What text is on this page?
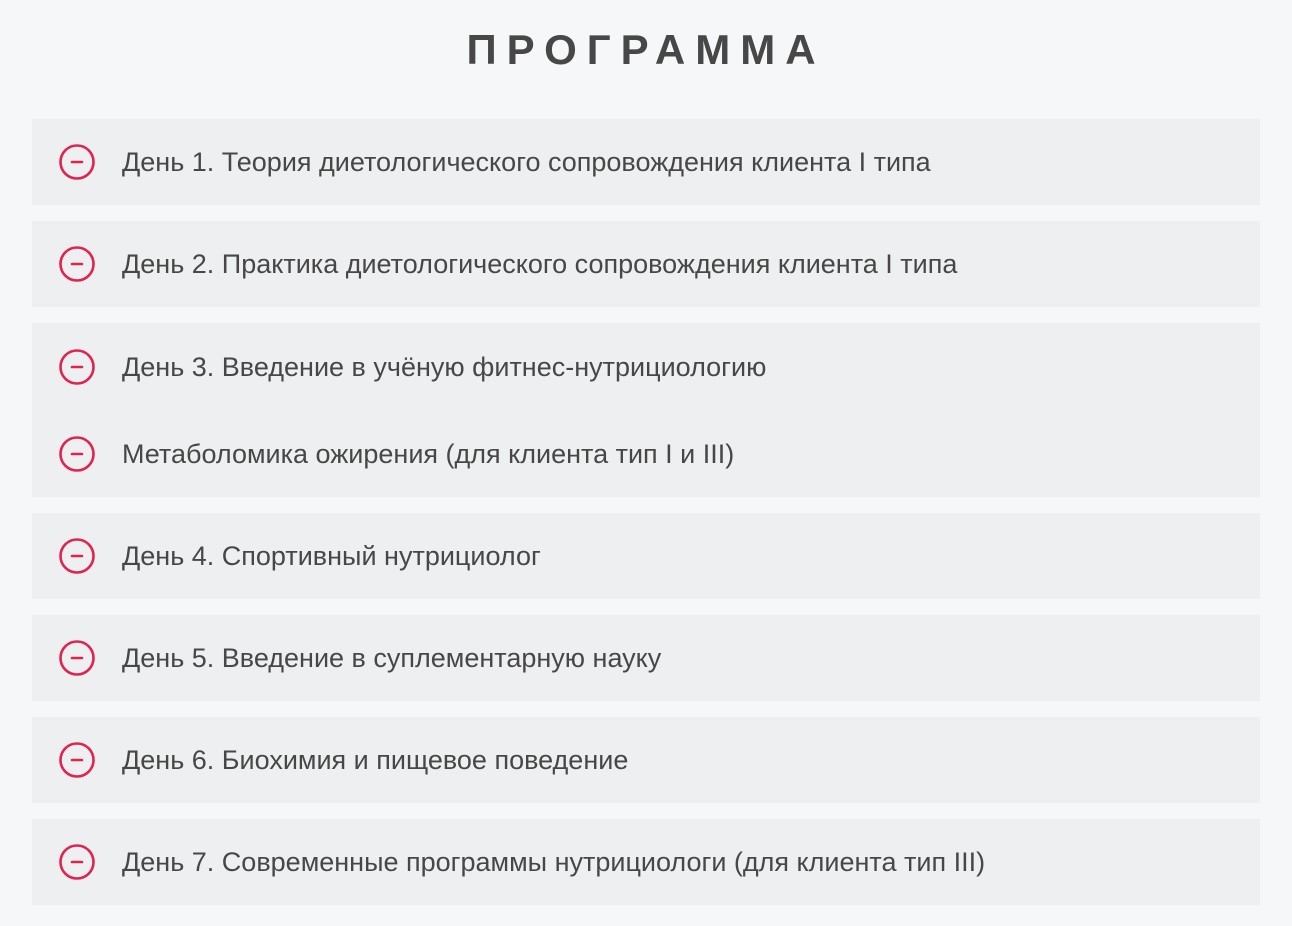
ПРОГРАММА
День 1. Теория диетологического сопровождения клиента I типа
День 2. Практика диетологического сопровождения клиента I типа
День 3. Введение в учёную фитнес-нутрициологию
Метаболомика ожирения (для клиента тип I и III)
День 4. Спортивный нутрициолог
День 5. Введение в суплементарную науку
День 6. Биохимия и пищевое поведение
День 7. Современные программы нутрициологи (для клиента тип III)
